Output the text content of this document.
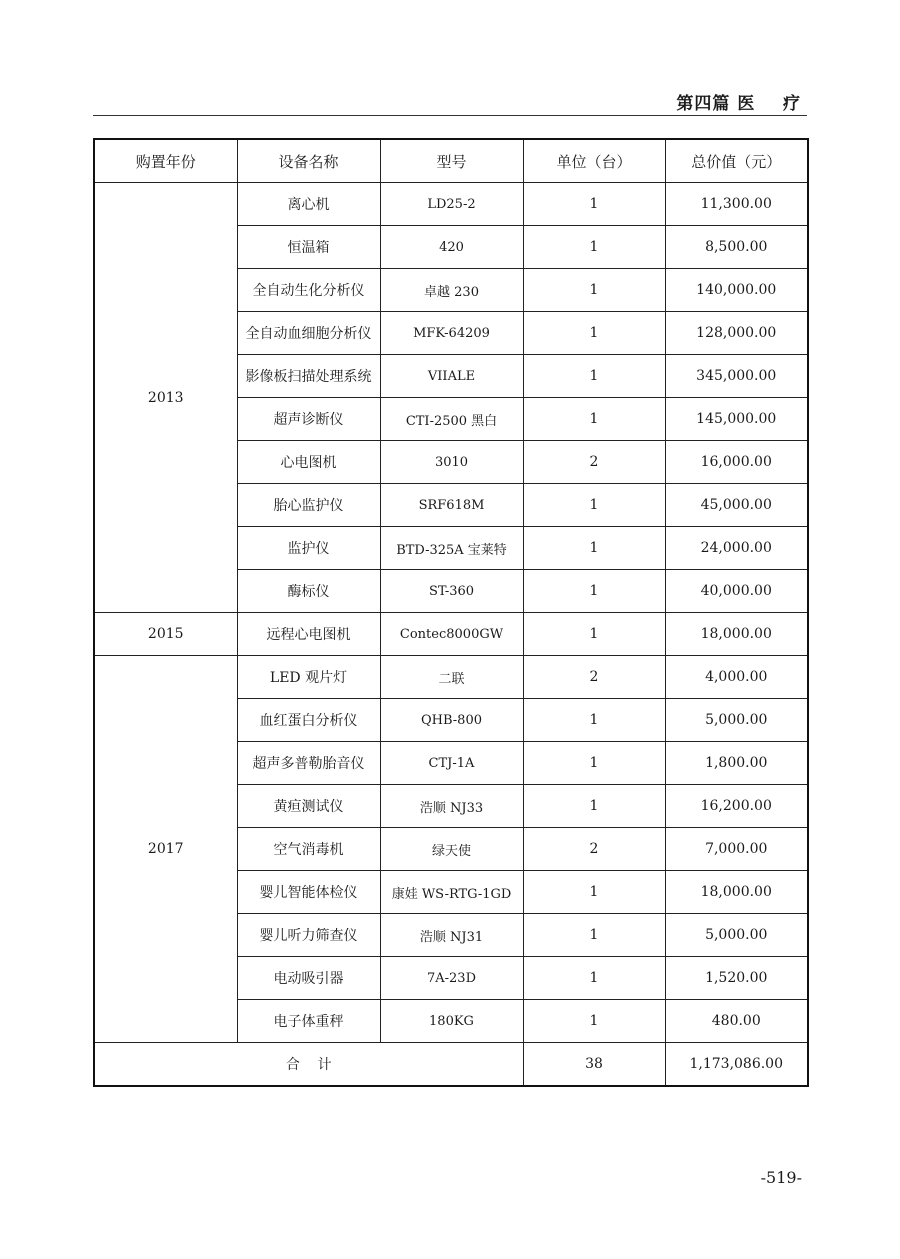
第四篇 医    疗
购置年份	设备名称	型号	单位（台）	总价值（元）
2013	离心机	LD25-2	1	11,300.00
	恒温箱	420	1	8,500.00
	全自动生化分析仪	卓越 230	1	140,000.00
	全自动血细胞分析仪	MFK-64209	1	128,000.00
	影像板扫描处理系统	VIIALE	1	345,000.00
	超声诊断仪	CTI-2500 黑白	1	145,000.00
	心电图机	3010	2	16,000.00
	胎心监护仪	SRF618M	1	45,000.00
	监护仪	BTD-325A 宝莱特	1	24,000.00
	酶标仪	ST-360	1	40,000.00
2015	远程心电图机	Contec8000GW	1	18,000.00
2017	LED 观片灯	二联	2	4,000.00
	血红蛋白分析仪	QHB-800	1	5,000.00
	超声多普勒胎音仪	CTJ-1A	1	1,800.00
	黄疸测试仪	浩顺 NJ33	1	16,200.00
	空气消毒机	绿天使	2	7,000.00
	婴儿智能体检仪	康娃 WS-RTG-1GD	1	18,000.00
	婴儿听力筛查仪	浩顺 NJ31	1	5,000.00
	电动吸引器	7A-23D	1	1,520.00
	电子体重秤	180KG	1	480.00
合    计			38	1,173,086.00
-519-
